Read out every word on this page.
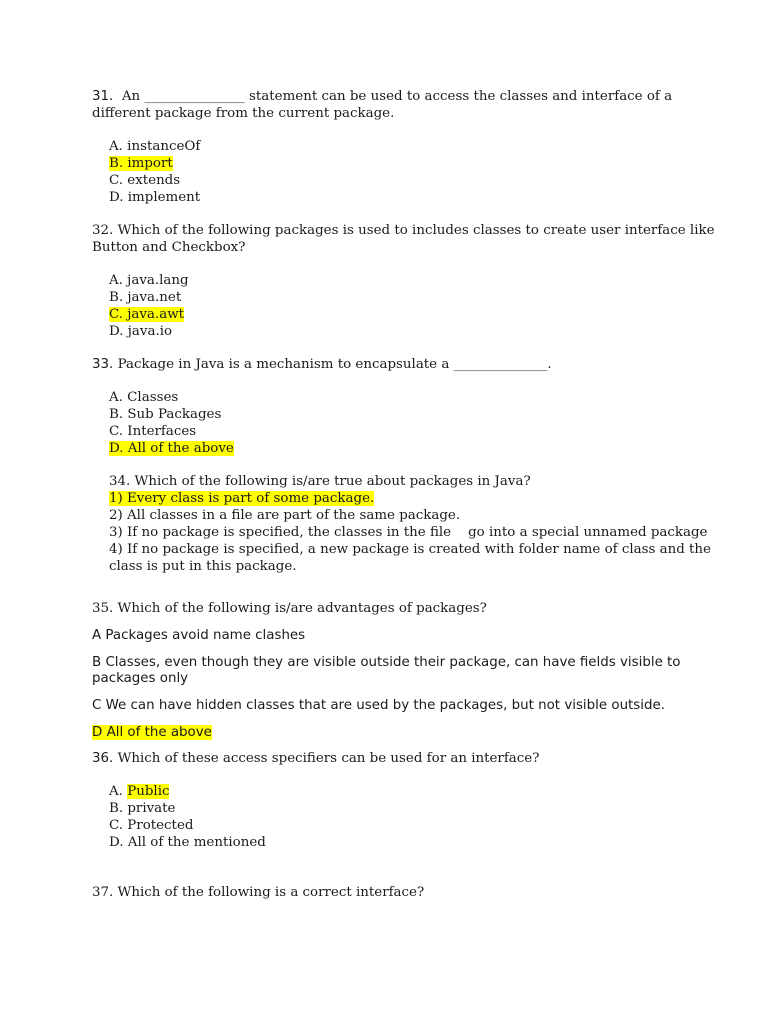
31. An _______________ statement can be used to access the classes and interface of a
different package from the current package.
A. instanceOf
B. import
C. extends
D. implement
32. Which of the following packages is used to includes classes to create user interface like
Button and Checkbox?
A. java.lang
B. java.net
C. java.awt
D. java.io
33. Package in Java is a mechanism to encapsulate a ______________.
A. Classes
B. Sub Packages
C. Interfaces
D. All of the above
34. Which of the following is/are true about packages in Java?
1) Every class is part of some package.
2) All classes in a file are part of the same package.
3) If no package is specified, the classes in the file    go into a special unnamed package
4) If no package is specified, a new package is created with folder name of class and the
class is put in this package.
35. Which of the following is/are advantages of packages?
A Packages avoid name clashes
B Classes, even though they are visible outside their package, can have fields visible to
packages only
C We can have hidden classes that are used by the packages, but not visible outside.
D All of the above
36. Which of these access specifiers can be used for an interface?
A. Public
B. private
C. Protected
D. All of the mentioned
37. Which of the following is a correct interface?
